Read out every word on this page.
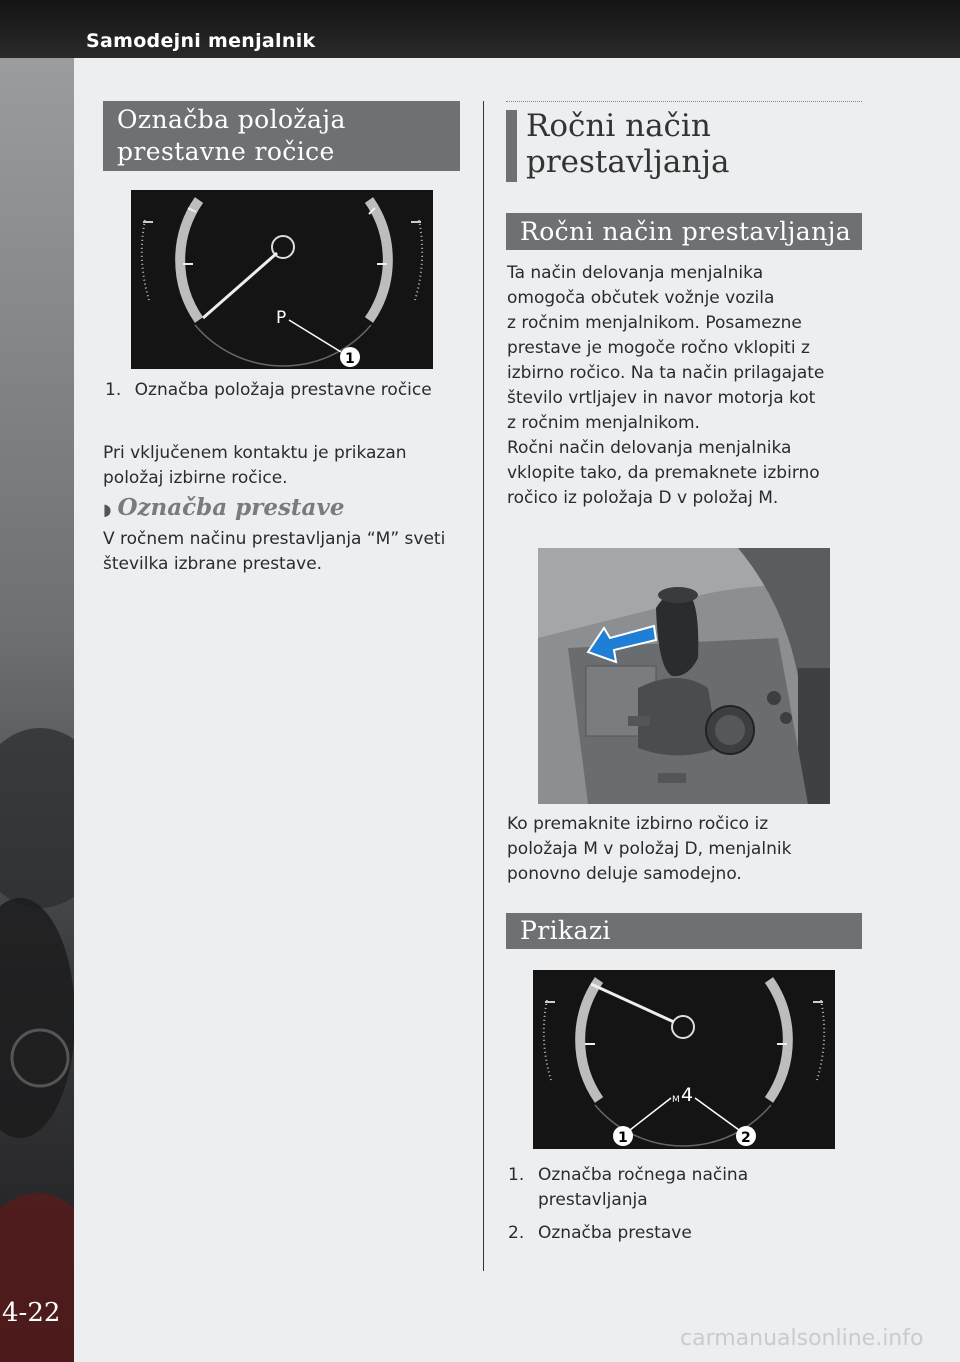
Samodejni menjalnik
4-22
Označba položaja
prestavne ročice
P
1
1. Označba položaja prestavne ročice
Pri vključenem kontaktu je prikazan
položaj izbirne ročice.
◗ Označba prestave
V ročnem načinu prestavljanja “M” sveti
številka izbrane prestave.
Ročni način
prestavljanja
Ročni način prestavljanja
Ta način delovanja menjalnika
omogoča občutek vožnje vozila
z ročnim menjalnikom. Posamezne
prestave je mogoče ročno vklopiti z
izbirno ročico. Na ta način prilagajate
število vrtljajev in navor motorja kot
z ročnim menjalnikom.
Ročni način delovanja menjalnika
vklopite tako, da premaknete izbirno
ročico iz položaja D v položaj M.
Ko premaknite izbirno ročico iz
položaja M v položaj D, menjalnik
ponovno deluje samodejno.
Prikazi
M 4
1	2
1. Označba ročnega načina
prestavljanja
2. Označba prestave
carmanualsonline.info
